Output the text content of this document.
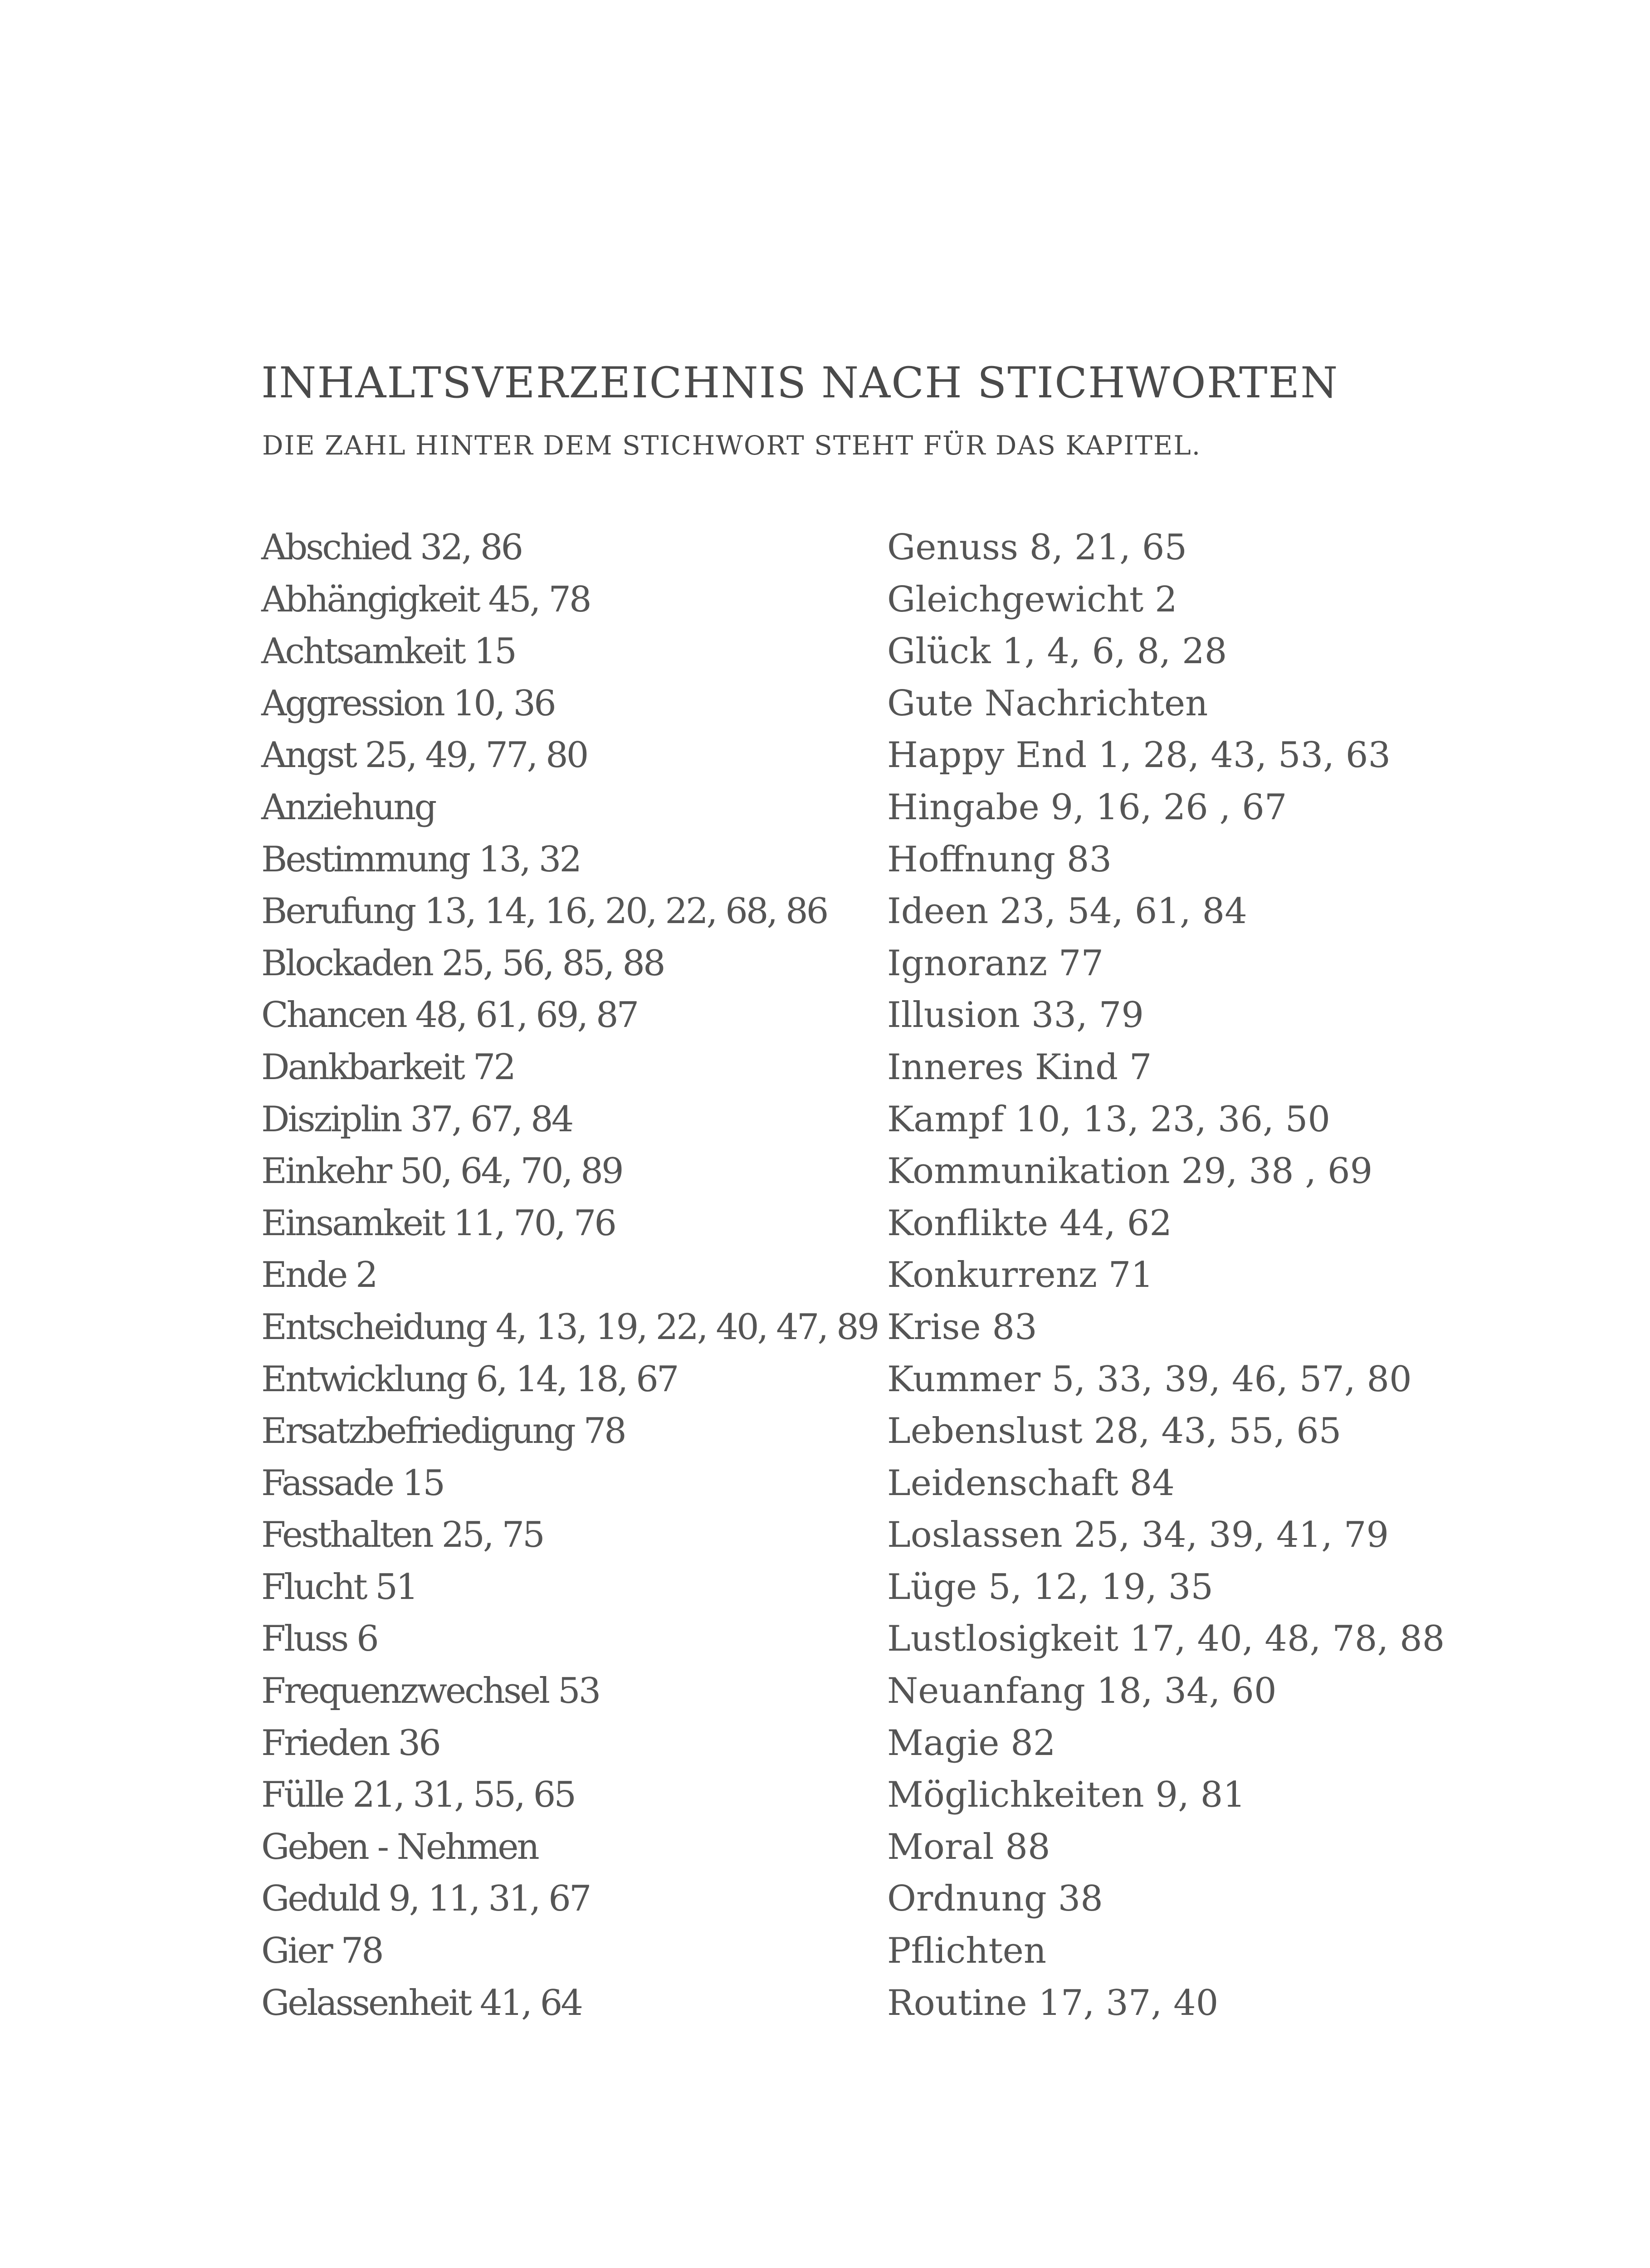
INHALTSVERZEICHNIS NACH STICHWORTEN
DIE ZAHL HINTER DEM STICHWORT STEHT FÜR DAS KAPITEL.
Abschied 32, 86
Abhängigkeit 45, 78
Achtsamkeit 15
Aggression 10, 36
Angst 25, 49, 77, 80
Anziehung
Bestimmung 13, 32
Berufung 13, 14, 16, 20, 22, 68, 86
Blockaden 25, 56, 85, 88
Chancen 48, 61, 69, 87
Dankbarkeit 72
Disziplin 37, 67, 84
Einkehr 50, 64, 70, 89
Einsamkeit 11, 70, 76
Ende 2
Entscheidung 4, 13, 19, 22, 40, 47, 89
Entwicklung 6, 14, 18, 67
Ersatzbefriedigung 78
Fassade 15
Festhalten 25, 75
Flucht 51
Fluss 6
Frequenzwechsel 53
Frieden 36
Fülle 21, 31, 55, 65
Geben - Nehmen
Geduld 9, 11, 31, 67
Gier 78
Gelassenheit 41, 64
Genuss 8, 21, 65
Gleichgewicht 2
Glück 1, 4, 6, 8, 28
Gute Nachrichten
Happy End 1, 28, 43, 53, 63
Hingabe 9, 16, 26 , 67
Hoffnung 83
Ideen 23, 54, 61, 84
Ignoranz 77
Illusion 33, 79
Inneres Kind 7
Kampf 10, 13, 23, 36, 50
Kommunikation 29, 38 , 69
Konflikte 44, 62
Konkurrenz 71
Krise 83
Kummer 5, 33, 39, 46, 57, 80
Lebenslust 28, 43, 55, 65
Leidenschaft 84
Loslassen 25, 34, 39, 41, 79
Lüge 5, 12, 19, 35
Lustlosigkeit 17, 40, 48, 78, 88
Neuanfang 18, 34, 60
Magie 82
Möglichkeiten 9, 81
Moral 88
Ordnung 38
Pflichten
Routine 17, 37, 40
